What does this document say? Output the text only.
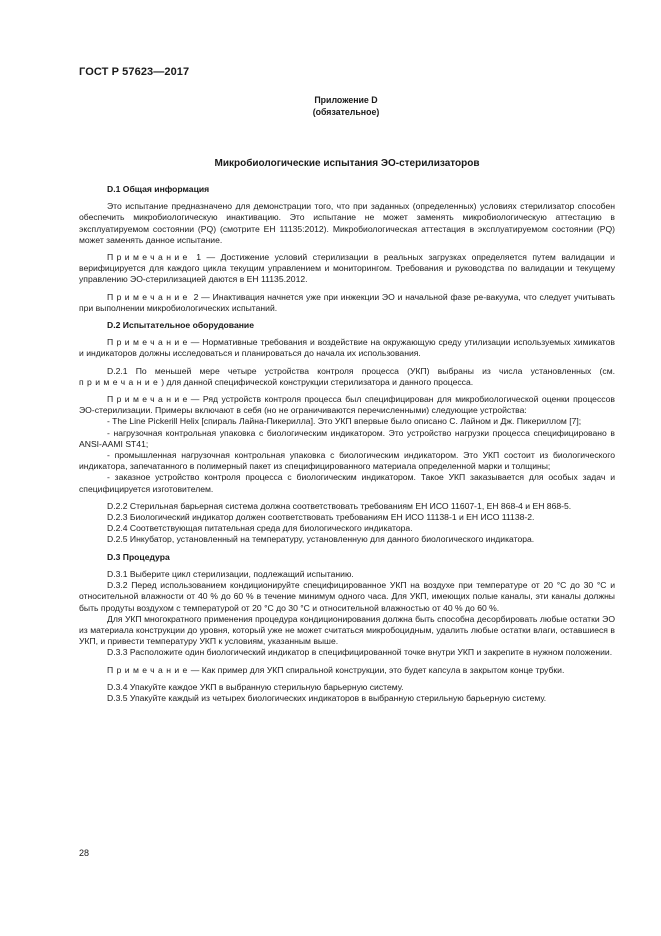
ГОСТ Р 57623—2017
Приложение D
(обязательное)
Микробиологические испытания ЭО-стерилизаторов

D.1 Общая информация

Это испытание предназначено для демонстрации того, что при заданных (определенных) условиях стерилизатор способен обеспечить микробиологическую инактивацию. Это испытание не может заменять микробиологическую аттестацию в эксплуатируемом состоянии (PQ) (смотрите ЕН 11135:2012). Микробиологическая аттестация в эксплуатируемом состоянии (PQ) может заменять данное испытание.

Примечание 1 — Достижение условий стерилизации в реальных загрузках определяется путем валидации и верифицируется для каждого цикла текущим управлением и мониторингом. Требования и руководства по валидации и текущему управлению ЭО-стерилизацией даются в ЕН 11135.2012.

Примечание 2 — Инактивация начнется уже при инжекции ЭО и начальной фазе ре-вакуума, что следует учитывать при выполнении микробиологических испытаний.

D.2 Испытательное оборудование

Примечание— Нормативные требования и воздействие на окружающую среду утилизации используемых химикатов и индикаторов должны исследоваться и планироваться до начала их использования.

D.2.1 По меньшей мере четыре устройства контроля процесса (УКП) выбраны из числа установленных (см. примечание) для данной специфической конструкции стерилизатора и данного процесса.

Примечание— Ряд устройств контроля процесса был специфицирован для микробиологической оценки процессов ЭО-стерилизации. Примеры включают в себя (но не ограничиваются перечисленными) следующие устройства:

- The Line Pickerill Helix [спираль Лайна-Пикерилла]. Это УКП впервые было описано С. Лайном и Дж. Пикериллом [7];

- нагрузочная контрольная упаковка с биологическим индикатором. Это устройство нагрузки процесса специфицировано в ANSI-AAMI ST41;

- промышленная нагрузочная контрольная упаковка с биологическим индикатором. Это УКП состоит из биологического индикатора, запечатанного в полимерный пакет из специфицированного материала определенной марки и толщины;

- заказное устройство контроля процесса с биологическим индикатором. Такое УКП заказывается для особых задач и специфицируется изготовителем.

D.2.2 Стерильная барьерная система должна соответствовать требованиям ЕН ИСО 11607-1, ЕН 868-4 и ЕН 868-5.

D.2.3 Биологический индикатор должен соответствовать требованиям ЕН ИСО 11138-1 и ЕН ИСО 11138-2.

D.2.4 Соответствующая питательная среда для биологического индикатора.

D.2.5 Инкубатор, установленный на температуру, установленную для данного биологического индикатора.

D.3 Процедура

D.3.1 Выберите цикл стерилизации, подлежащий испытанию.

D.3.2 Перед использованием кондиционируйте специфицированное УКП на воздухе при температуре от 20 °С до 30 °С и относительной влажности от 40 % до 60 % в течение минимум одного часа. Для УКП, имеющих полые каналы, эти каналы должны быть продуты воздухом с температурой от 20 °С до 30 °С и относительной влажностью от 40 % до 60 %.

Для УКП многократного применения процедура кондиционирования должна быть способна десорбировать любые остатки ЭО из материала конструкции до уровня, который уже не может считаться микробоцидным, удалить любые остатки влаги, оставшиеся в УКП, и привести температуру УКП к условиям, указанным выше.

D.3.3 Расположите один биологический индикатор в специфицированной точке внутри УКП и закрепите в нужном положении.

Примечание— Как пример для УКП спиральной конструкции, это будет капсула в закрытом конце трубки.

D.3.4 Упакуйте каждое УКП в выбранную стерильную барьерную систему.

D.3.5 Упакуйте каждый из четырех биологических индикаторов в выбранную стерильную барьерную систему.

28
